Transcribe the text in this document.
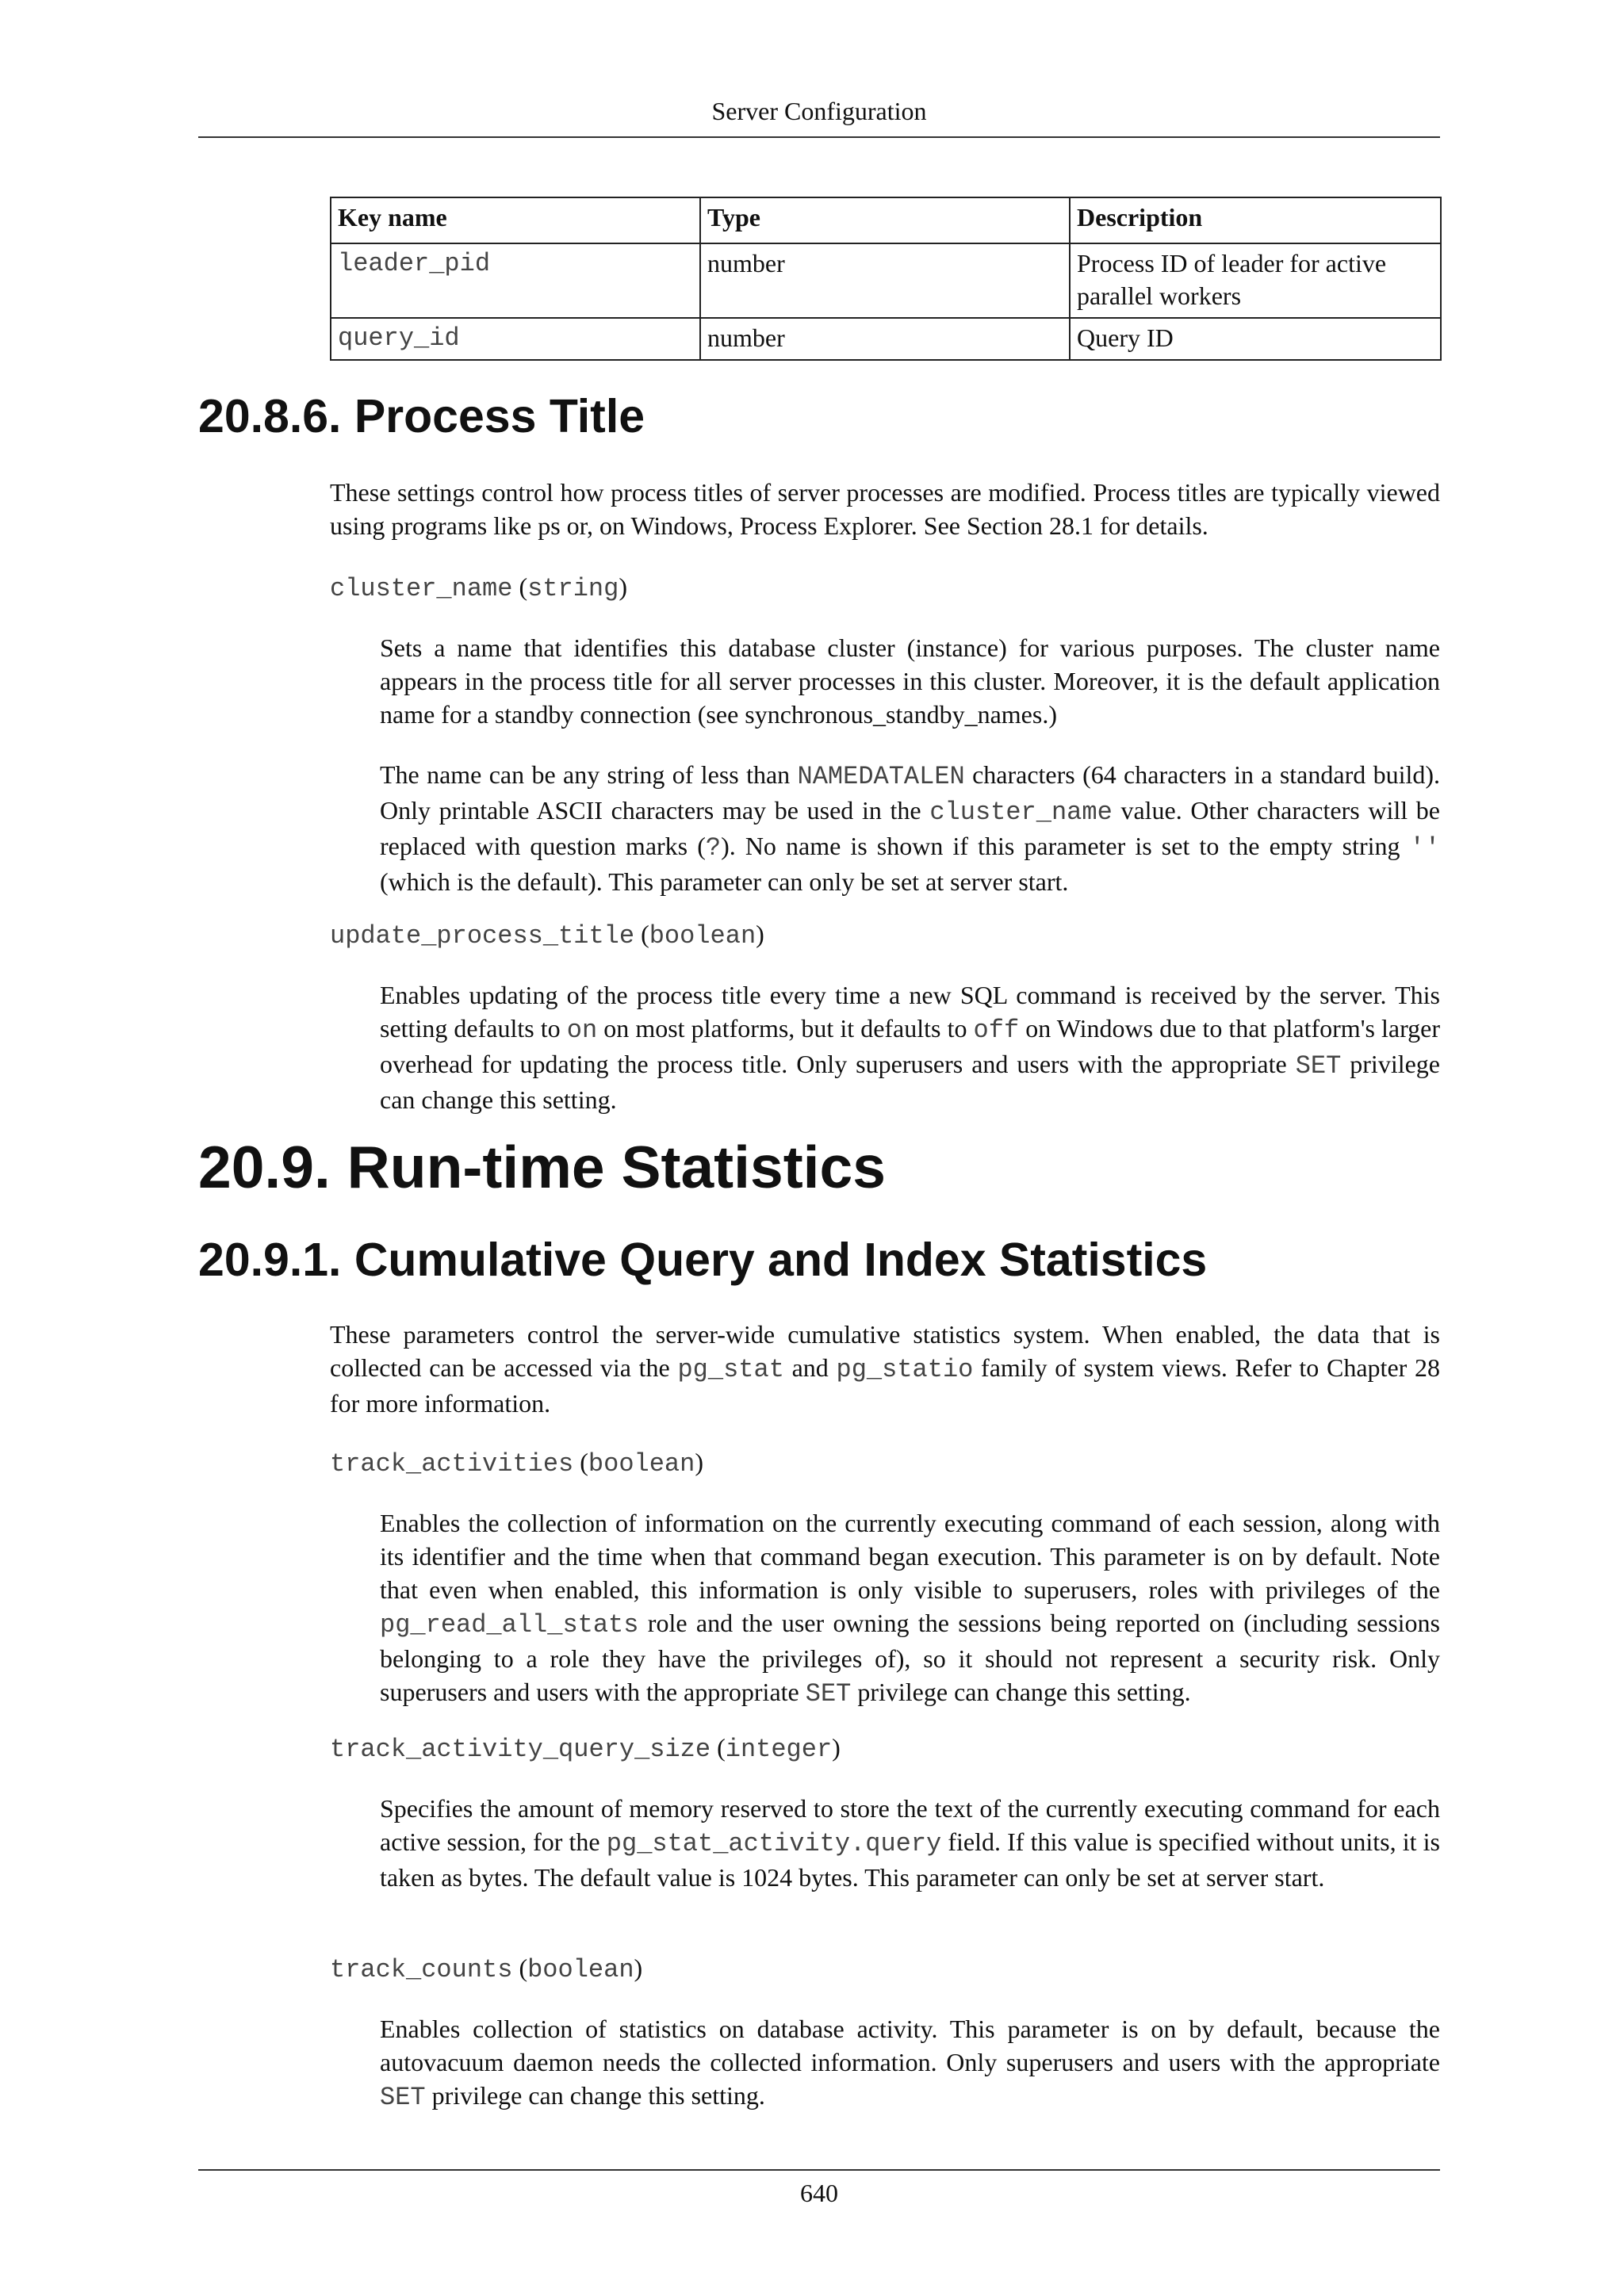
Server Configuration
Key name	Type	Description
leader_pid	number	Process ID of leader for active parallel workers
query_id	number	Query ID
20.8.6. Process Title
These settings control how process titles of server processes are modified. Process titles are typically viewed using programs like ps or, on Windows, Process Explorer. See Section 28.1 for details.
cluster_name (string)
Sets a name that identifies this database cluster (instance) for various purposes. The cluster name appears in the process title for all server processes in this cluster. Moreover, it is the default application name for a standby connection (see synchronous_standby_names.)
The name can be any string of less than NAMEDATALEN characters (64 characters in a standard build). Only printable ASCII characters may be used in the cluster_name value. Other characters will be replaced with question marks (?). No name is shown if this parameter is set to the empty string '' (which is the default). This parameter can only be set at server start.
update_process_title (boolean)
Enables updating of the process title every time a new SQL command is received by the server. This setting defaults to on on most platforms, but it defaults to off on Windows due to that platform's larger overhead for updating the process title. Only superusers and users with the appropriate SET privilege can change this setting.
20.9. Run-time Statistics
20.9.1. Cumulative Query and Index Statistics
These parameters control the server-wide cumulative statistics system. When enabled, the data that is collected can be accessed via the pg_stat and pg_statio family of system views. Refer to Chapter 28 for more information.
track_activities (boolean)
Enables the collection of information on the currently executing command of each session, along with its identifier and the time when that command began execution. This parameter is on by default. Note that even when enabled, this information is only visible to superusers, roles with privileges of the pg_read_all_stats role and the user owning the sessions being reported on (including sessions belonging to a role they have the privileges of), so it should not represent a security risk. Only superusers and users with the appropriate SET privilege can change this setting.
track_activity_query_size (integer)
Specifies the amount of memory reserved to store the text of the currently executing command for each active session, for the pg_stat_activity.query field. If this value is specified without units, it is taken as bytes. The default value is 1024 bytes. This parameter can only be set at server start.
track_counts (boolean)
Enables collection of statistics on database activity. This parameter is on by default, because the autovacuum daemon needs the collected information. Only superusers and users with the appropriate SET privilege can change this setting.
640
